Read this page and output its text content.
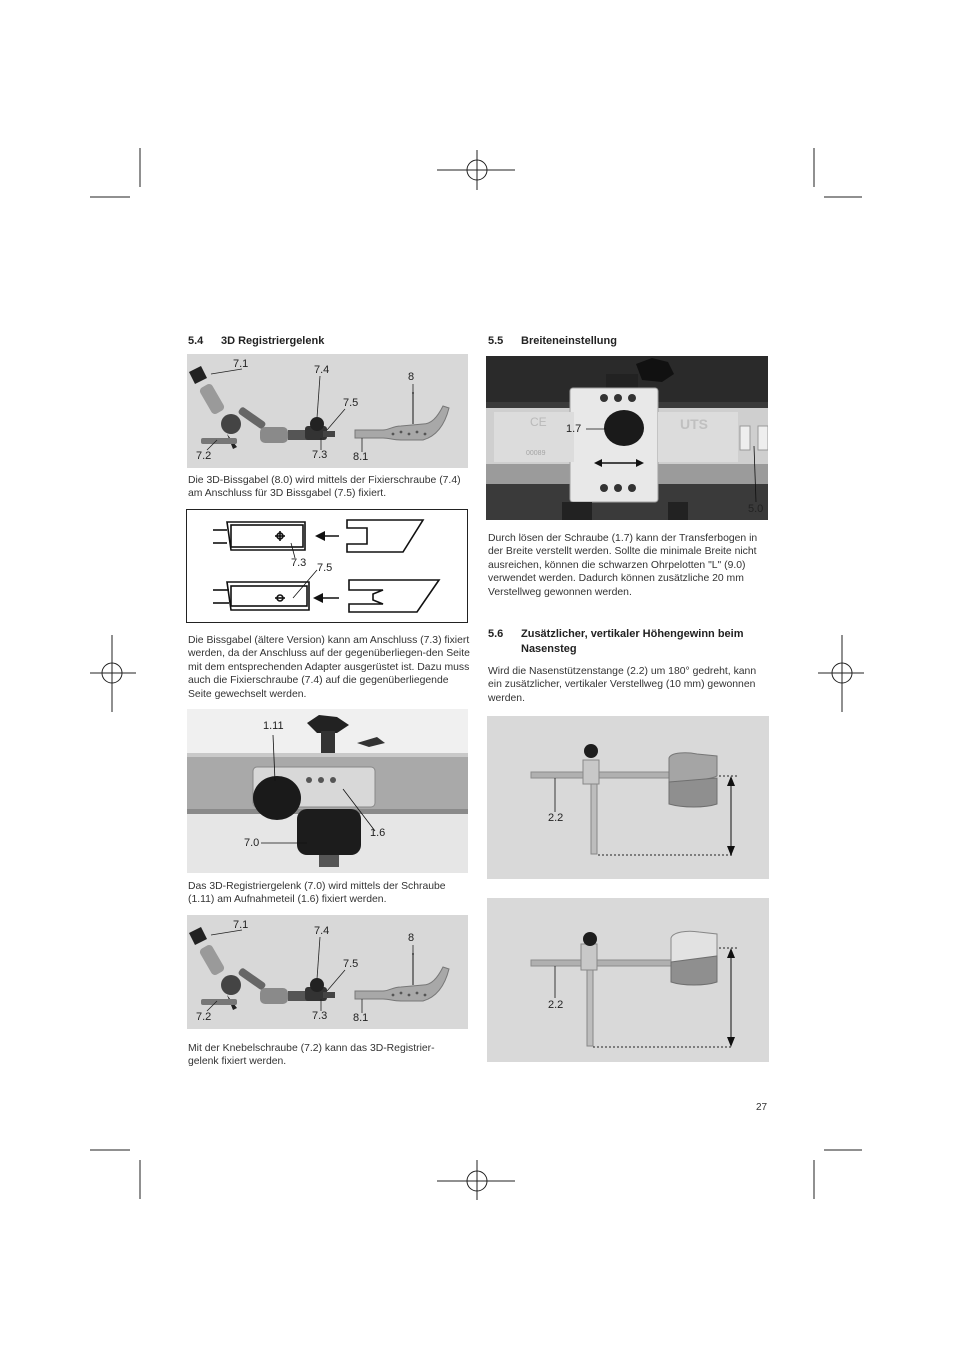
5.4 3D Registriergelenk
7.1	7.4
8
7.5
7.2	7.3 8.1
Die 3D-Bissgabel (8.0) wird mittels der Fixierschraube (7.4) am Anschluss für 3D Bissgabel (7.5) fixiert.
7.3 7.5
Die Bissgabel (ältere Version) kann am Anschluss (7.3) fixiert werden, da der Anschluss auf der gegenüberliegen-den Seite mit dem entsprechenden Adapter ausgerüstet ist. Dazu muss auch die Fixierschraube (7.4) auf die gegenüberliegende Seite gewechselt werden.
1.11
1.6
7.0
Das 3D-Registriergelenk (7.0) wird mittels der Schraube (1.11) am Aufnahmeteil (1.6) fixiert werden.
7.1	7.4
8
7.5
7.2	7.3 8.1
Mit der Knebelschraube (7.2) kann das 3D-Registrier-gelenk fixiert werden.
5.5 Breiteneinstellung
CE	UTS
00089
1.7
5.0
Durch lösen der Schraube (1.7) kann der Transferbogen in der Breite verstellt werden. Sollte die minimale Breite nicht ausreichen, können die schwarzen Ohrpelotten "L" (9.0) verwendet werden. Dadurch können zusätzliche 20 mm Verstellweg gewonnen werden.
5.6 Zusätzlicher, vertikaler Höhengewinn beim
Nasensteg
Wird die Nasenstützenstange (2.2) um 180° gedreht, kann ein zusätzlicher, vertikaler Verstellweg (10 mm) gewonnen werden.
2.2
2.2
27
